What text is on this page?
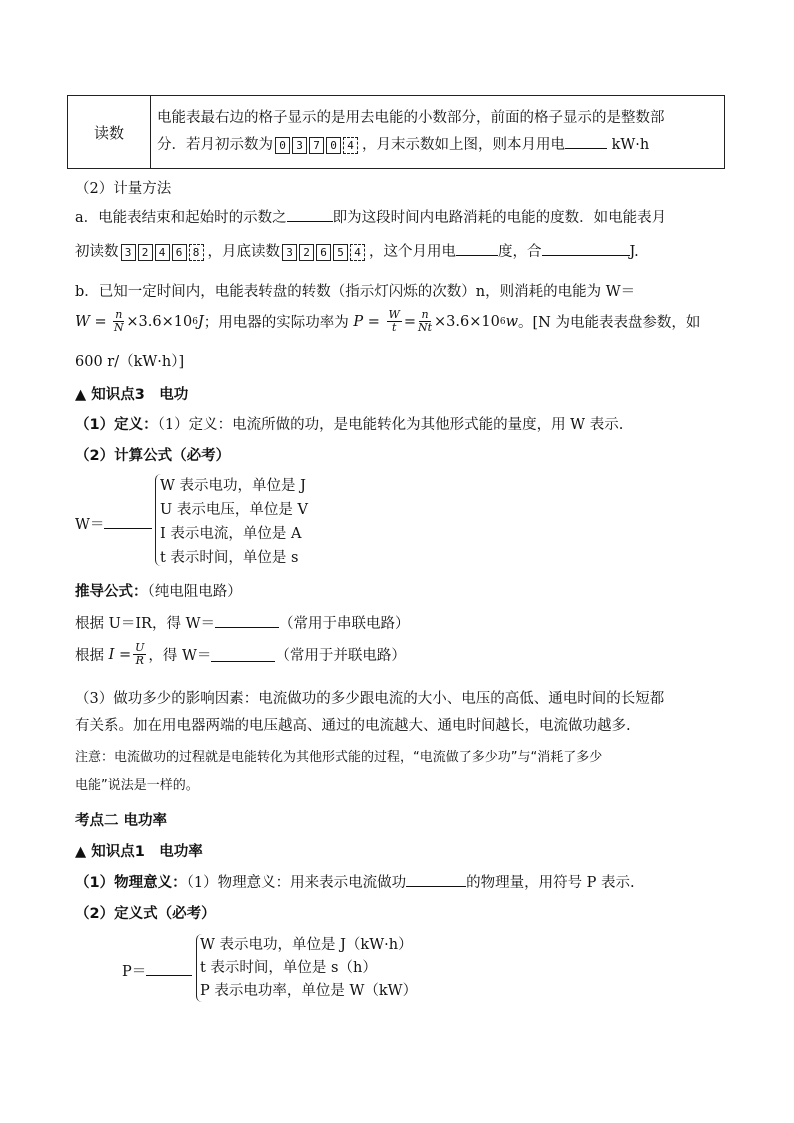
读数	
电能表最右边的格子显示的是用去电能的小数部分，前面的格子显示的是整数部
分．若月初示数为 0 3 7 0 4 ，月末示数如上图，则本月用电	kW·h
（2）计量方法
a．电能表结束和起始时的示数之	即为这段时间内电路消耗的电能的度数．如电能表月
初读数 3 2 4 6 8 ，月底读数 3 2 6 5 4 ，这个月用电	度，合	J.
b．已知一定时间内，电能表转盘的转数（指示灯闪烁的次数）n，则消耗的电能为 W＝
$W = \frac{n}{N} \times 3.6\times 10$ 6 J ；用电器的实际功率为
$P = \frac{W}{t} = \frac{n}{Nt} \times 3.6\times 10$ 6 w 。[N 为电能表表盘参数，如
600 r/（kW·h）]
▲ 知识点3　电功
（1）定义：（1）定义：电流所做的功，是电能转化为其他形式能的量度，用 W 表示.
（2）计算公式（必考）
W＝
W 表示电功，单位是 J
U 表示电压，单位是 V
I 表示电流，单位是 A
t 表示时间，单位是 s
推导公式：（纯电阻电路）
根据 U＝IR，得 W＝	（常用于串联电路）
根据
$I = \frac{U}{R}$ ，得 W＝	（常用于并联电路）
（3）做功多少的影响因素：电流做功的多少跟电流的大小、电压的高低、通电时间的长短都
有关系。加在用电器两端的电压越高、通过的电流越大、通电时间越长，电流做功越多.
注意：电流做功的过程就是电能转化为其他形式能的过程，“电流做了多少功”与“消耗了多少
电能”说法是一样的。
考点二 电功率
▲ 知识点1　电功率
（1）物理意义：（1）物理意义：用来表示电流做功	的物理量，用符号 P 表示.
（2）定义式（必考）
P＝
W 表示电功，单位是 J（kW·h）
t 表示时间，单位是 s（h）
P 表示电功率，单位是 W（kW）
